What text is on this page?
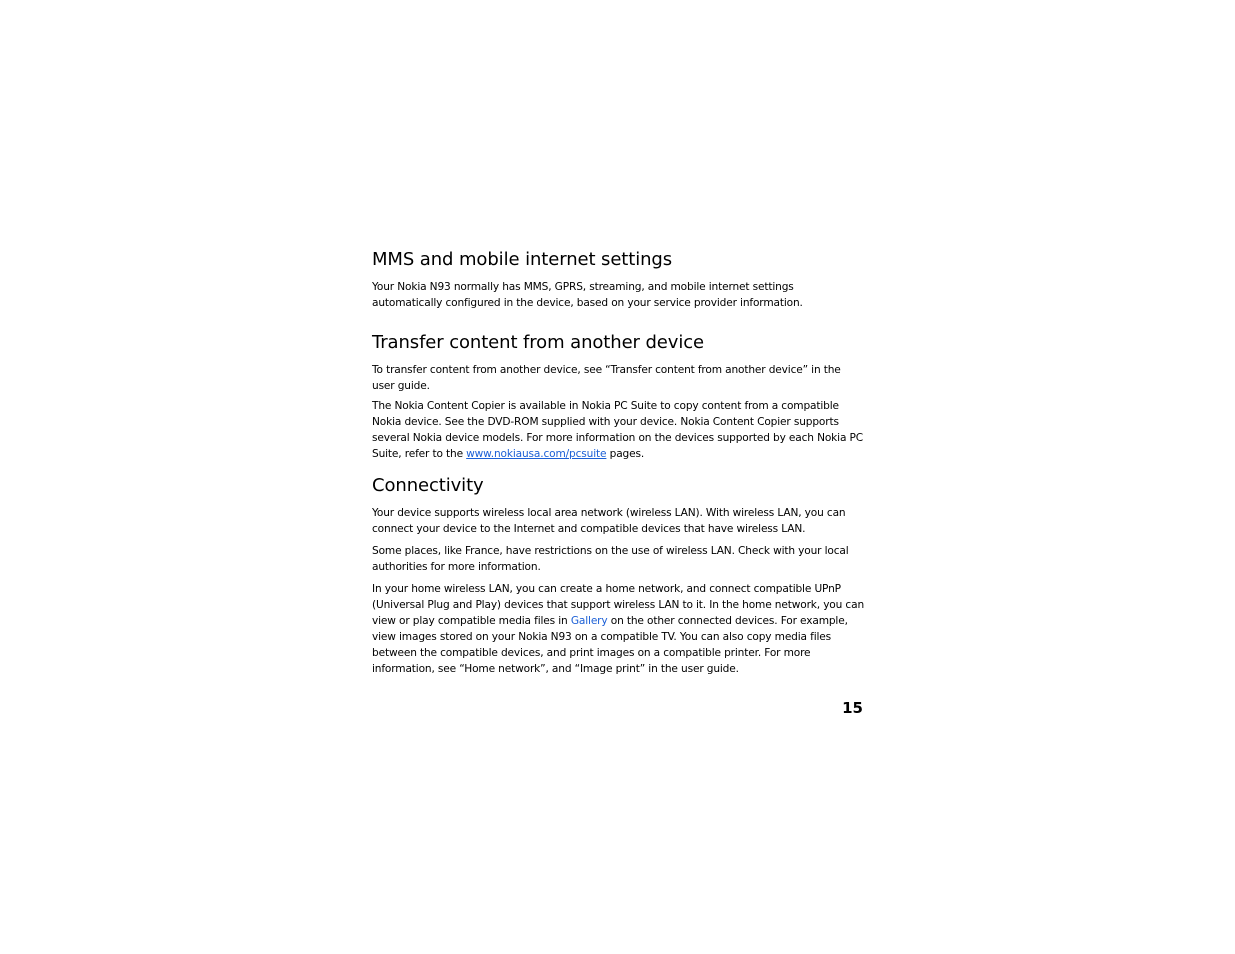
MMS and mobile internet settings

Your Nokia N93 normally has MMS, GPRS, streaming, and mobile internet settings automatically configured in the device, based on your service provider information.

Transfer content from another device

To transfer content from another device, see “Transfer content from another device” in the user guide.

The Nokia Content Copier is available in Nokia PC Suite to copy content from a compatible Nokia device. See the DVD-ROM supplied with your device. Nokia Content Copier supports several Nokia device models. For more information on the devices supported by each Nokia PC Suite, refer to the www.nokiausa.com/pcsuite pages.

Connectivity

Your device supports wireless local area network (wireless LAN). With wireless LAN, you can connect your device to the Internet and compatible devices that have wireless LAN.

Some places, like France, have restrictions on the use of wireless LAN. Check with your local authorities for more information.

In your home wireless LAN, you can create a home network, and connect compatible UPnP (Universal Plug and Play) devices that support wireless LAN to it. In the home network, you can view or play compatible media files in Gallery on the other connected devices. For example, view images stored on your Nokia N93 on a compatible TV. You can also copy media files between the compatible devices, and print images on a compatible printer. For more information, see “Home network”, and “Image print” in the user guide.

15
